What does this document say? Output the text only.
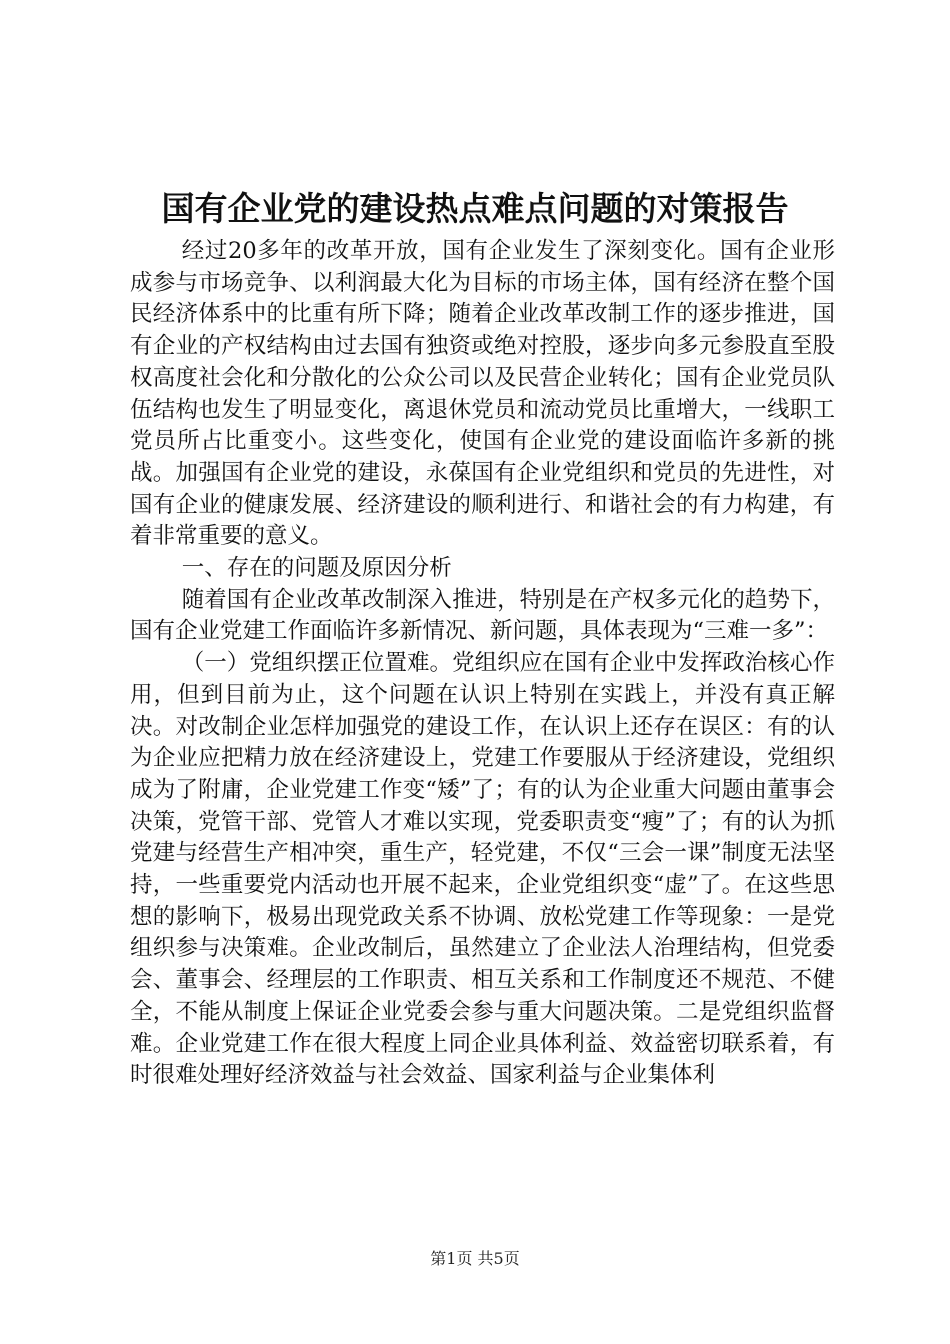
国有企业党的建设热点难点问题的对策报告

经过20多年的改革开放，国有企业发生了深刻变化。国有企业形成参与市场竞争、以利润最大化为目标的市场主体，国有经济在整个国民经济体系中的比重有所下降；随着企业改革改制工作的逐步推进，国有企业的产权结构由过去国有独资或绝对控股，逐步向多元参股直至股权高度社会化和分散化的公众公司以及民营企业转化；国有企业党员队伍结构也发生了明显变化，离退休党员和流动党员比重增大，一线职工党员所占比重变小。这些变化，使国有企业党的建设面临许多新的挑战。加强国有企业党的建设，永葆国有企业党组织和党员的先进性，对国有企业的健康发展、经济建设的顺利进行、和谐社会的有力构建，有着非常重要的意义。

一、存在的问题及原因分析

随着国有企业改革改制深入推进，特别是在产权多元化的趋势下，国有企业党建工作面临许多新情况、新问题，具体表现为“三难一多”：

（一）党组织摆正位置难。党组织应在国有企业中发挥政治核心作用，但到目前为止，这个问题在认识上特别在实践上，并没有真正解决。对改制企业怎样加强党的建设工作，在认识上还存在误区：有的认为企业应把精力放在经济建设上，党建工作要服从于经济建设，党组织成为了附庸，企业党建工作变“矮”了；有的认为企业重大问题由董事会决策，党管干部、党管人才难以实现，党委职责变“瘦”了；有的认为抓党建与经营生产相冲突，重生产，轻党建，不仅“三会一课”制度无法坚持，一些重要党内活动也开展不起来，企业党组织变“虚”了。在这些思想的影响下，极易出现党政关系不协调、放松党建工作等现象：一是党组织参与决策难。企业改制后，虽然建立了企业法人治理结构，但党委会、董事会、经理层的工作职责、相互关系和工作制度还不规范、不健全，不能从制度上保证企业党委会参与重大问题决策。二是党组织监督难。企业党建工作在很大程度上同企业具体利益、效益密切联系着，有时很难处理好经济效益与社会效益、国家利益与企业集体利

第1页 共5页
